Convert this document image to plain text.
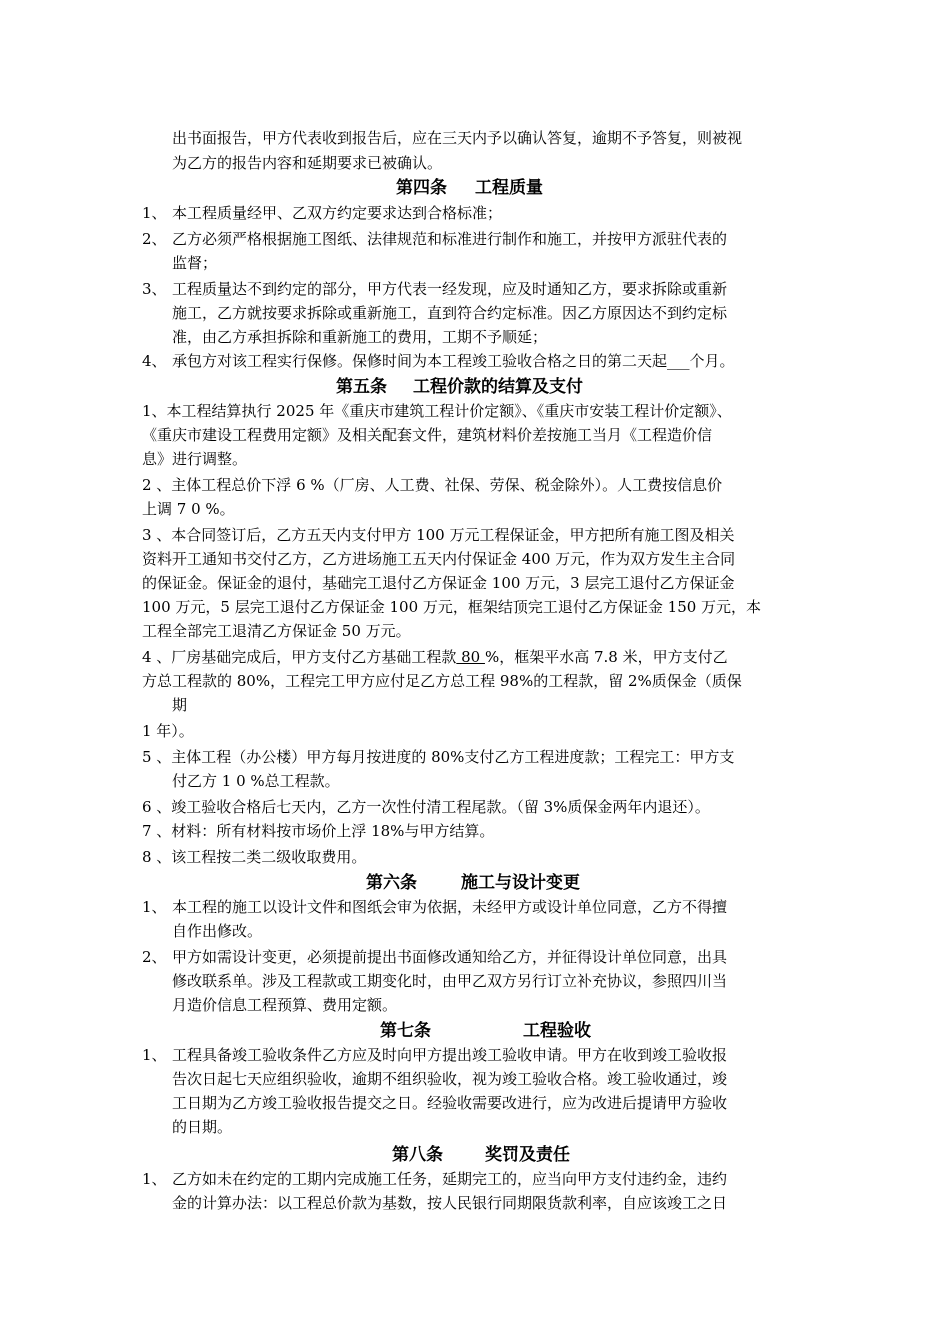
出书面报告，甲方代表收到报告后，应在三天内予以确认答复，逾期不予答复，则被视
为乙方的报告内容和延期要求已被确认。
第四条 工程质量
1、 本工程质量经甲、乙双方约定要求达到合格标准；
2、 乙方必须严格根据施工图纸、法律规范和标准进行制作和施工，并按甲方派驻代表的
监督；
3、 工程质量达不到约定的部分，甲方代表一经发现，应及时通知乙方，要求拆除或重新
施工，乙方就按要求拆除或重新施工，直到符合约定标准。因乙方原因达不到约定标
准，由乙方承担拆除和重新施工的费用，工期不予顺延；
4、 承包方对该工程实行保修。保修时间为本工程竣工验收合格之日的第二天起___个月。
第五条 工程价款的结算及支付
1、本工程结算执行 2025 年《重庆市建筑工程计价定额》、《重庆市安装工程计价定额》、
《重庆市建设工程费用定额》及相关配套文件，建筑材料价差按施工当月《工程造价信
息》进行调整。
2 、主体工程总价下浮 6 %（厂房、人工费、社保、劳保、税金除外）。人工费按信息价
上调 7 0 %。
3 、本合同签订后，乙方五天内支付甲方 100 万元工程保证金，甲方把所有施工图及相关
资料开工通知书交付乙方，乙方进场施工五天内付保证金 400 万元，作为双方发生主合同
的保证金。保证金的退付，基础完工退付乙方保证金 100 万元，3 层完工退付乙方保证金
100 万元，5 层完工退付乙方保证金 100 万元，框架结顶完工退付乙方保证金 150 万元，本
工程全部完工退清乙方保证金 50 万元。
4 、厂房基础完成后，甲方支付乙方基础工程款 80 %，框架平水高 7.8 米，甲方支付乙
方总工程款的 80%，工程完工甲方应付足乙方总工程 98%的工程款，留 2%质保金（质保
期
1 年）。
5 、主体工程（办公楼）甲方每月按进度的 80%支付乙方工程进度款；工程完工：甲方支
付乙方 1 0 %总工程款。
6 、竣工验收合格后七天内，乙方一次性付清工程尾款。（留 3%质保金两年内退还）。
7 、材料：所有材料按市场价上浮 18%与甲方结算。
8 、该工程按二类二级收取费用。
第六条	施工与设计变更
1、 本工程的施工以设计文件和图纸会审为依据，未经甲方或设计单位同意，乙方不得擅
自作出修改。
2、 甲方如需设计变更，必须提前提出书面修改通知给乙方，并征得设计单位同意，出具
修改联系单。涉及工程款或工期变化时，由甲乙双方另行订立补充协议，参照四川当
月造价信息工程预算、费用定额。
第七条	工程验收
1、 工程具备竣工验收条件乙方应及时向甲方提出竣工验收申请。甲方在收到竣工验收报
告次日起七天应组织验收，逾期不组织验收，视为竣工验收合格。竣工验收通过，竣
工日期为乙方竣工验收报告提交之日。经验收需要改进行，应为改进后提请甲方验收
的日期。
第八条 奖罚及责任
1、 乙方如未在约定的工期内完成施工任务，延期完工的，应当向甲方支付违约金，违约
金的计算办法：以工程总价款为基数，按人民银行同期限货款利率，自应该竣工之日
